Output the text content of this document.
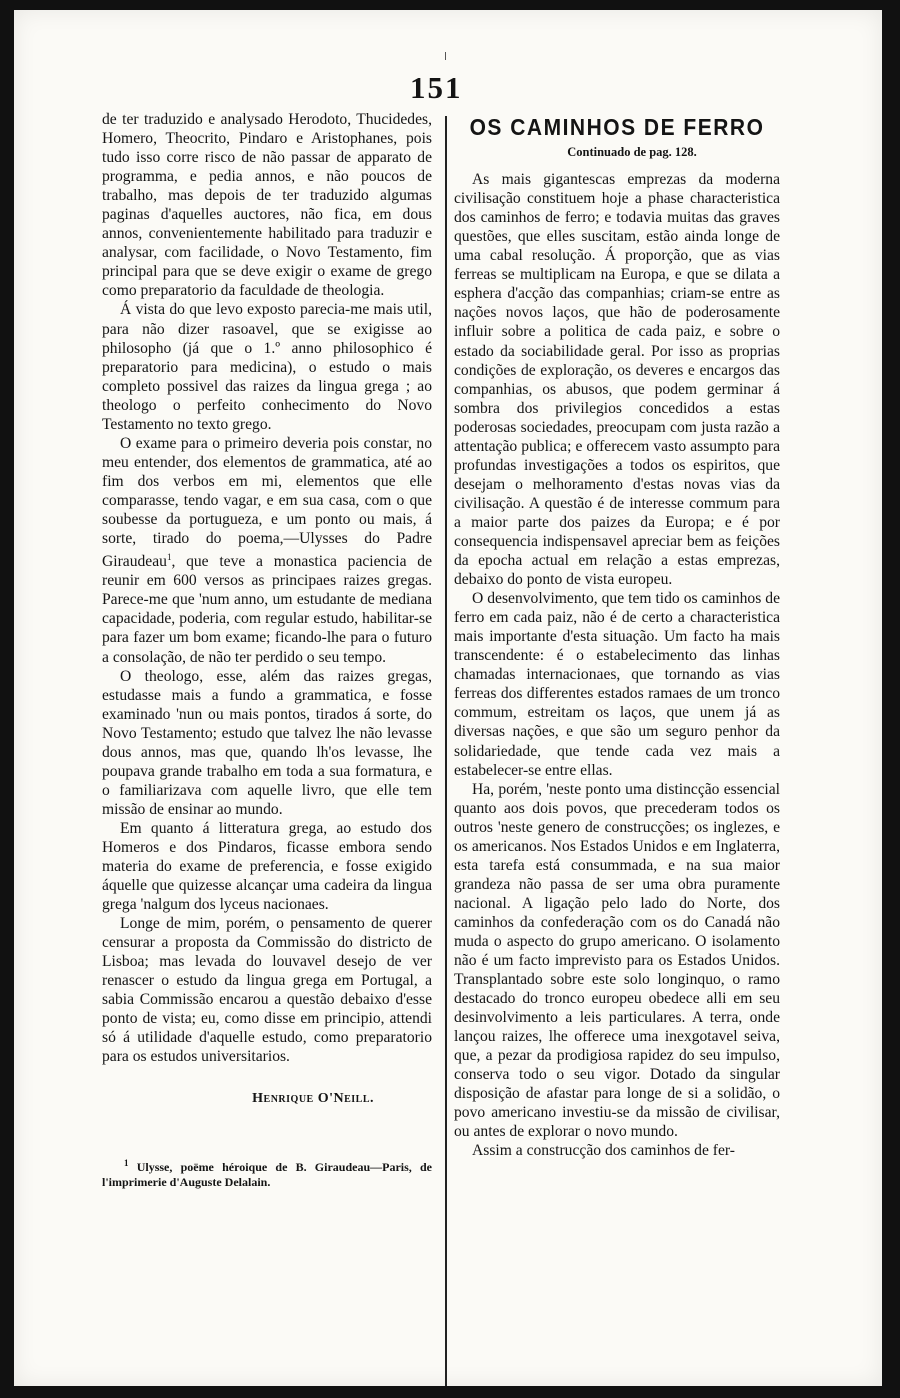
151

de ter traduzido e analysado Herodoto, Thucidedes, Homero, Theocrito, Pindaro e Aristophanes, pois tudo isso corre risco de não passar de apparato de programma, e pedia annos, e não poucos de trabalho, mas depois de ter traduzido algumas paginas d'aquelles auctores, não fica, em dous annos, convenientemente habilitado para traduzir e analysar, com facilidade, o Novo Testamento, fim principal para que se deve exigir o exame de grego como preparatorio da faculdade de theologia.

Á vista do que levo exposto parecia-me mais util, para não dizer rasoavel, que se exigisse ao philosopho (já que o 1.º anno philosophico é preparatorio para medicina), o estudo o mais completo possivel das raizes da lingua grega ; ao theologo o perfeito conhecimento do Novo Testamento no texto grego.

O exame para o primeiro deveria pois constar, no meu entender, dos elementos de grammatica, até ao fim dos verbos em mi, elementos que elle comparasse, tendo vagar, e em sua casa, com o que soubesse da portugueza, e um ponto ou mais, á sorte, tirado do poema,—Ulysses do Padre Giraudeau$^1$, que teve a monastica paciencia de reunir em 600 versos as principaes raizes gregas. Parece-me que 'num anno, um estudante de mediana capacidade, poderia, com regular estudo, habilitar-se para fazer um bom exame; ficando-lhe para o futuro a consolação, de não ter perdido o seu tempo.

O theologo, esse, além das raizes gregas, estudasse mais a fundo a grammatica, e fosse examinado 'nun ou mais pontos, tirados á sorte, do Novo Testamento; estudo que talvez lhe não levasse dous annos, mas que, quando lh'os levasse, lhe poupava grande trabalho em toda a sua formatura, e o familiarizava com aquelle livro, que elle tem missão de ensinar ao mundo.

Em quanto á litteratura grega, ao estudo dos Homeros e dos Pindaros, ficasse embora sendo materia do exame de preferencia, e fosse exigido áquelle que quizesse alcançar uma cadeira da lingua grega 'nalgum dos lyceus nacionaes.

Longe de mim, porém, o pensamento de querer censurar a proposta da Commissão do districto de Lisboa; mas levada do louvavel desejo de ver renascer o estudo da lingua grega em Portugal, a sabia Commissão encarou a questão debaixo d'esse ponto de vista; eu, como disse em principio, attendi só á utilidade d'aquelle estudo, como preparatorio para os estudos universitarios.

Henrique O'Neill.
$^1$ Ulysse, poëme héroique de B. Giraudeau—Paris, de l'imprimerie d'Auguste Delalain.
OS CAMINHOS DE FERRO
Continuado de pag. 128.

As mais gigantescas emprezas da moderna civilisação constituem hoje a phase characteristica dos caminhos de ferro; e todavia muitas das graves questões, que elles suscitam, estão ainda longe de uma cabal resolução. Á proporção, que as vias ferreas se multiplicam na Europa, e que se dilata a esphera d'acção das companhias; criam-se entre as nações novos laços, que hão de poderosamente influir sobre a politica de cada paiz, e sobre o estado da sociabilidade geral. Por isso as proprias condições de exploração, os deveres e encargos das companhias, os abusos, que podem germinar á sombra dos privilegios concedidos a estas poderosas sociedades, preocupam com justa razão a attentação publica; e offerecem vasto assumpto para profundas investigações a todos os espiritos, que desejam o melhoramento d'estas novas vias da civilisação. A questão é de interesse commum para a maior parte dos paizes da Europa; e é por consequencia indispensavel apreciar bem as feições da epocha actual em relação a estas emprezas, debaixo do ponto de vista europeu.

O desenvolvimento, que tem tido os caminhos de ferro em cada paiz, não é de certo a characteristica mais importante d'esta situação. Um facto ha mais transcendente: é o estabelecimento das linhas chamadas internacionaes, que tornando as vias ferreas dos differentes estados ramaes de um tronco commum, estreitam os laços, que unem já as diversas nações, e que são um seguro penhor da solidariedade, que tende cada vez mais a estabelecer-se entre ellas.

Ha, porém, 'neste ponto uma distincção essencial quanto aos dois povos, que precederam todos os outros 'neste genero de construcções; os inglezes, e os americanos. Nos Estados Unidos e em Inglaterra, esta tarefa está consummada, e na sua maior grandeza não passa de ser uma obra puramente nacional. A ligação pelo lado do Norte, dos caminhos da confederação com os do Canadá não muda o aspecto do grupo americano. O isolamento não é um facto imprevisto para os Estados Unidos. Transplantado sobre este solo longinquo, o ramo destacado do tronco europeu obedece alli em seu desinvolvimento a leis particulares. A terra, onde lançou raizes, lhe offerece uma inexgotavel seiva, que, a pezar da prodigiosa rapidez do seu impulso, conserva todo o seu vigor. Dotado da singular disposição de afastar para longe de si a solidão, o povo americano investiu-se da missão de civilisar, ou antes de explorar o novo mundo.

Assim a construcção dos caminhos de fer-
